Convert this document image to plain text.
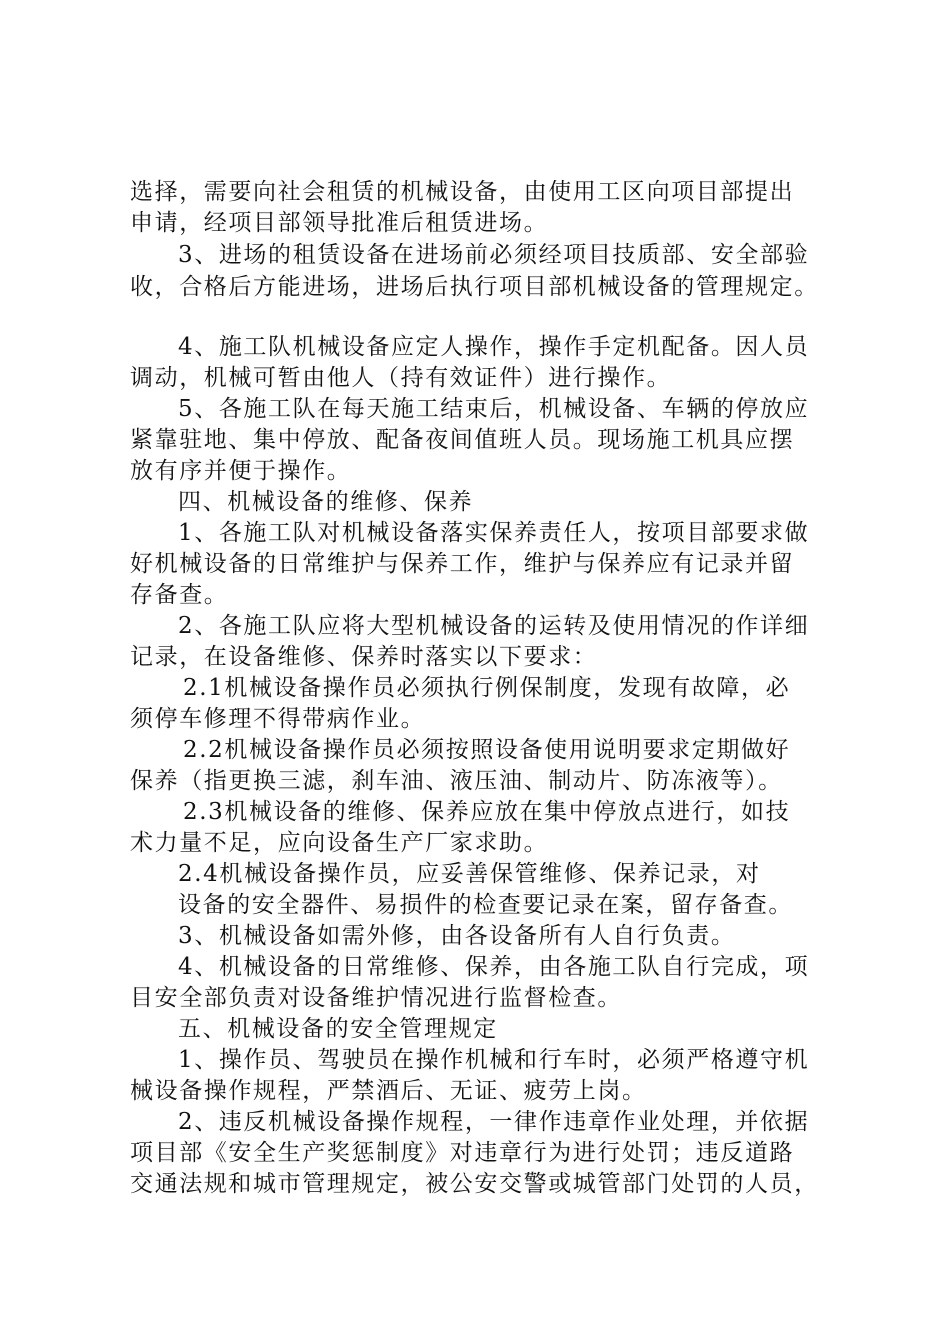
选择，需要向社会租赁的机械设备，由使用工区向项目部提出
申请，经项目部领导批准后租赁进场。
3、进场的租赁设备在进场前必须经项目技质部、安全部验
收，合格后方能进场，进场后执行项目部机械设备的管理规定。
4、施工队机械设备应定人操作，操作手定机配备。因人员
调动，机械可暂由他人（持有效证件）进行操作。
5、各施工队在每天施工结束后，机械设备、车辆的停放应
紧靠驻地、集中停放、配备夜间值班人员。现场施工机具应摆
放有序并便于操作。
四、机械设备的维修、保养
1、各施工队对机械设备落实保养责任人，按项目部要求做
好机械设备的日常维护与保养工作，维护与保养应有记录并留
存备查。
2、各施工队应将大型机械设备的运转及使用情况的作详细
记录，在设备维修、保养时落实以下要求：
2.1机械设备操作员必须执行例保制度，发现有故障，必
须停车修理不得带病作业。
2.2机械设备操作员必须按照设备使用说明要求定期做好
保养（指更换三滤，刹车油、液压油、制动片、防冻液等）。
2.3机械设备的维修、保养应放在集中停放点进行，如技
术力量不足，应向设备生产厂家求助。
2.4机械设备操作员，应妥善保管维修、保养记录，对
设备的安全器件、易损件的检查要记录在案，留存备查。
3、机械设备如需外修，由各设备所有人自行负责。
4、机械设备的日常维修、保养，由各施工队自行完成，项
目安全部负责对设备维护情况进行监督检查。
五、机械设备的安全管理规定
1、操作员、驾驶员在操作机械和行车时，必须严格遵守机
械设备操作规程，严禁酒后、无证、疲劳上岗。
2、违反机械设备操作规程，一律作违章作业处理，并依据
项目部《安全生产奖惩制度》对违章行为进行处罚；违反道路
交通法规和城市管理规定，被公安交警或城管部门处罚的人员，
